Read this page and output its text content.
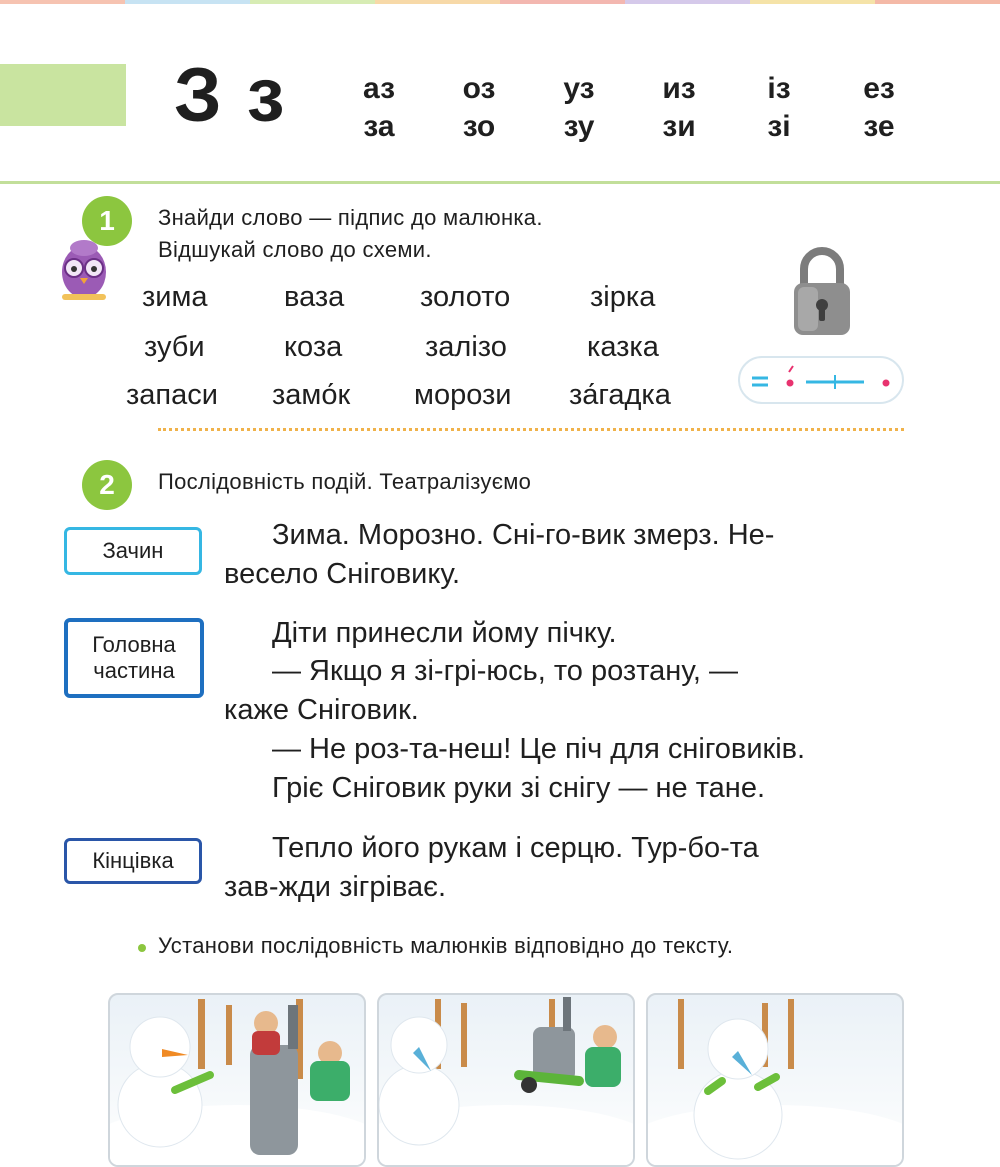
З з	аз	оз	уз	из	із	ез
за	зо	зу	зи	зі	зе
1	Знайди слово — підпис до малюнка.
Відшукай слово до схеми.
зима	ваза	золото	зірка
зуби	коза	залізо	казка
запаси замо́к морози за́гадка
2	Послідовність подій. Театралізуємо
Зачин	Зима. Морозно. Сні-го-вик змерз. Не-
весело Сніговику.
Головна
частина
Діти принесли йому пічку.
— Якщо я зі-грі-юсь, то розтану, —
каже Сніговик.
— Не роз-та-неш! Це піч для сніговиків.
Гріє Сніговик руки зі снігу — не тане.
Кінцівка	Тепло його рукам і серцю. Тур-бо-та
зав-жди зігріває.
Установи послідовність малюнків відповідно до тексту.
